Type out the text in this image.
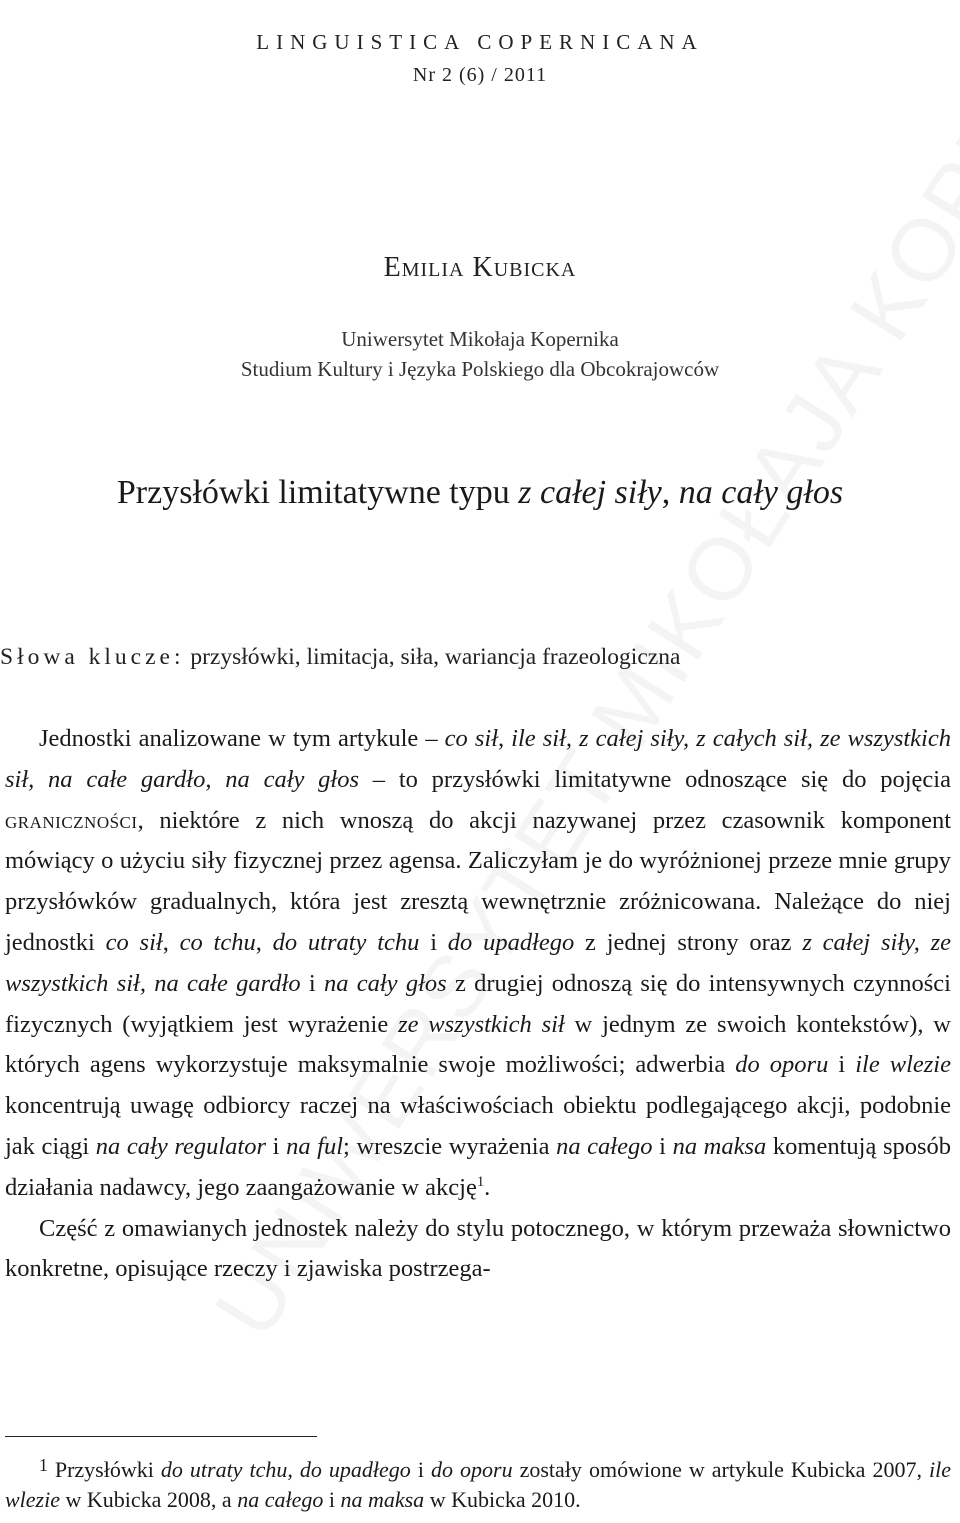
LINGUISTICA COPERNICANA
Nr 2 (6) / 2011
Emilia Kubicka
Uniwersytet Mikołaja Kopernika
Studium Kultury i Języka Polskiego dla Obcokrajowców
Przysłówki limitatywne typu z całej siły, na cały głos
Słowa klucze: przysłówki, limitacja, siła, wariancja frazeologiczna

Jednostki analizowane w tym artykule – co sił, ile sił, z całej siły, z całych sił, ze wszystkich sił, na całe gardło, na cały głos – to przysłówki limitatywne odnoszące się do pojęcia graniczności, niektóre z nich wnoszą do akcji nazywanej przez czasownik komponent mówiący o użyciu siły fizycznej przez agensa. Zaliczyłam je do wyróżnionej przeze mnie grupy przysłówków gradualnych, która jest zresztą wewnętrznie zróżnicowana. Należące do niej jednostki co sił, co tchu, do utraty tchu i do upadłego z jednej strony oraz z całej siły, ze wszystkich sił, na całe gardło i na cały głos z drugiej odnoszą się do intensywnych czynności fizycznych (wyjątkiem jest wyrażenie ze wszystkich sił w jednym ze swoich kontekstów), w których agens wykorzystuje maksymalnie swoje możliwości; adwerbia do oporu i ile wlezie koncentrują uwagę odbiorcy raczej na właściwościach obiektu podlegającego akcji, podobnie jak ciągi na cały regulator i na ful; wreszcie wyrażenia na całego i na maksa komentują sposób działania nadawcy, jego zaangażowanie w akcję$^1$.

Część z omawianych jednostek należy do stylu potocznego, w którym przeważa słownictwo konkretne, opisujące rzeczy i zjawiska postrzega-

$^1$ Przysłówki do utraty tchu, do upadłego i do oporu zostały omówione w artykule Kubicka 2007, ile wlezie w Kubicka 2008, a na całego i na maksa w Kubicka 2010.
